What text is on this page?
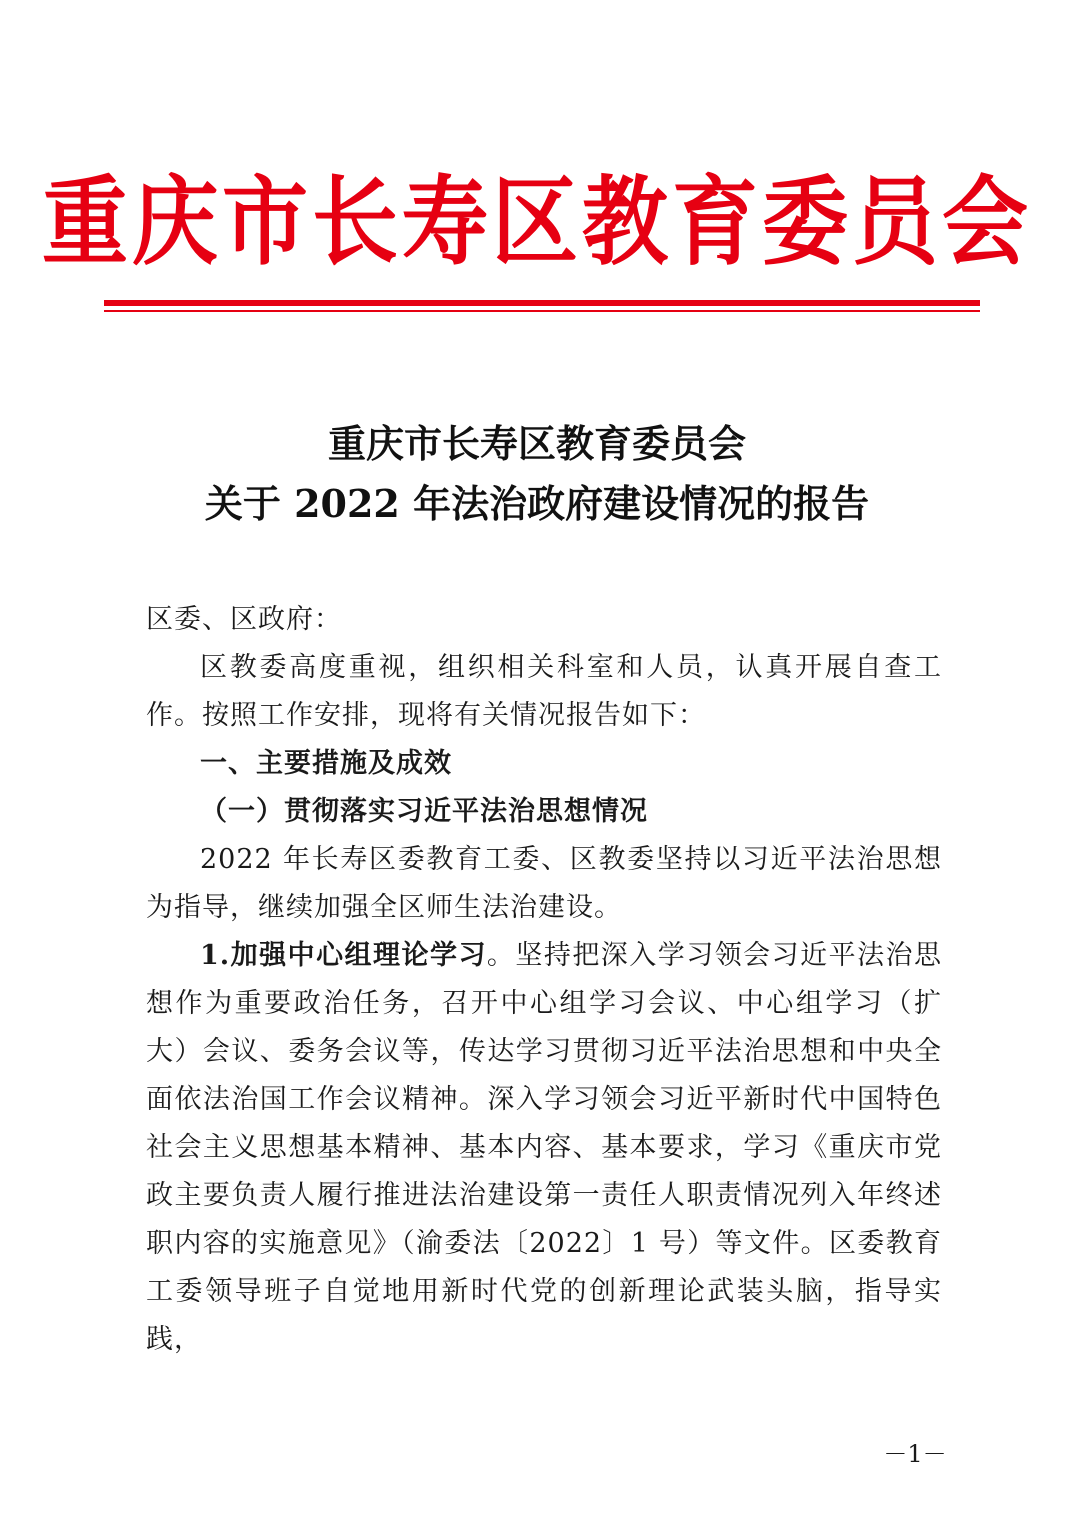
重庆市长寿区教育委员会
重庆市长寿区教育委员会
关于 2022 年法治政府建设情况的报告

区委、区政府：

区教委高度重视，组织相关科室和人员，认真开展自查工作。按照工作安排，现将有关情况报告如下：

一、主要措施及成效

（一）贯彻落实习近平法治思想情况

2022 年长寿区委教育工委、区教委坚持以习近平法治思想为指导，继续加强全区师生法治建设。

1.加强中心组理论学习。坚持把深入学习领会习近平法治思想作为重要政治任务，召开中心组学习会议、中心组学习（扩大）会议、委务会议等，传达学习贯彻习近平法治思想和中央全面依法治国工作会议精神。深入学习领会习近平新时代中国特色社会主义思想基本精神、基本内容、基本要求，学习《重庆市党政主要负责人履行推进法治建设第一责任人职责情况列入年终述职内容的实施意见》（渝委法〔2022〕1 号）等文件。区委教育工委领导班子自觉地用新时代党的创新理论武装头脑，指导实践，

－1－
